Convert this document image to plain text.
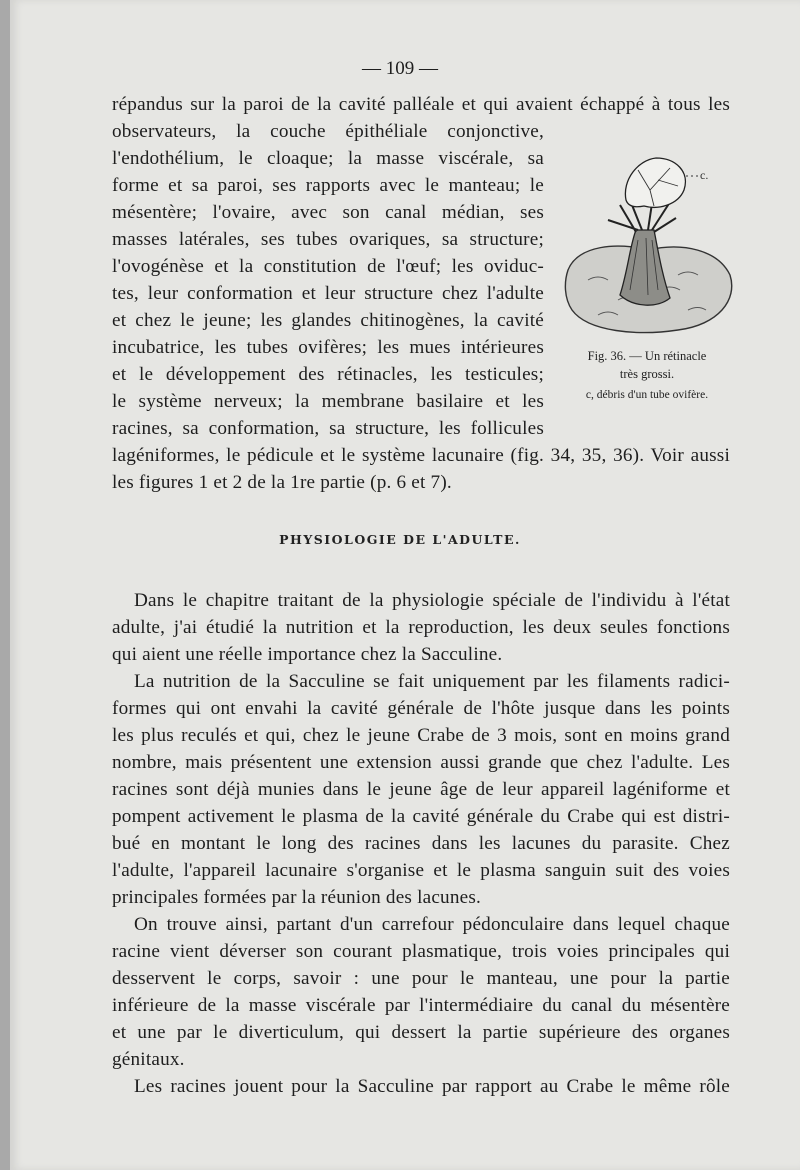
— 109 —
répandus sur la paroi de la cavité palléale et qui avaient échappé à tous les
observateurs, la couche épithéliale conjonctive,
l'endothélium, le cloaque; la masse viscérale, sa
forme et sa paroi, ses rapports avec le manteau; le
mésentère; l'ovaire, avec son canal médian, ses
masses latérales, ses tubes ovariques, sa structure;
l'ovogénèse et la constitution de l'œuf; les oviduc-
tes, leur conformation et leur structure chez l'adulte
et chez le jeune; les glandes chitinogènes, la cavité
incubatrice, les tubes ovifères; les mues intérieures
et le développement des rétinacles, les testicules;
le système nerveux; la membrane basilaire et les
racines, sa conformation, sa structure, les follicules
lagéniformes, le pédicule et le système lacunaire (fig. 34, 35, 36). Voir aussi
les figures 1 et 2 de la 1re partie (p. 6 et 7).
c.
Fig. 36. — Un rétinacle
très grossi.
c, débris d'un tube ovifère.
PHYSIOLOGIE DE L'ADULTE.
Dans le chapitre traitant de la physiologie spéciale de l'individu à l'état
adulte, j'ai étudié la nutrition et la reproduction, les deux seules fonctions
qui aient une réelle importance chez la Sacculine.
La nutrition de la Sacculine se fait uniquement par les filaments radici-
formes qui ont envahi la cavité générale de l'hôte jusque dans les points
les plus reculés et qui, chez le jeune Crabe de 3 mois, sont en moins grand
nombre, mais présentent une extension aussi grande que chez l'adulte. Les
racines sont déjà munies dans le jeune âge de leur appareil lagéniforme et
pompent activement le plasma de la cavité générale du Crabe qui est distri-
bué en montant le long des racines dans les lacunes du parasite. Chez
l'adulte, l'appareil lacunaire s'organise et le plasma sanguin suit des voies
principales formées par la réunion des lacunes.
On trouve ainsi, partant d'un carrefour pédonculaire dans lequel chaque
racine vient déverser son courant plasmatique, trois voies principales qui
desservent le corps, savoir : une pour le manteau, une pour la partie
inférieure de la masse viscérale par l'intermédiaire du canal du mésentère
et une par le diverticulum, qui dessert la partie supérieure des organes
génitaux.
Les racines jouent pour la Sacculine par rapport au Crabe le même rôle
